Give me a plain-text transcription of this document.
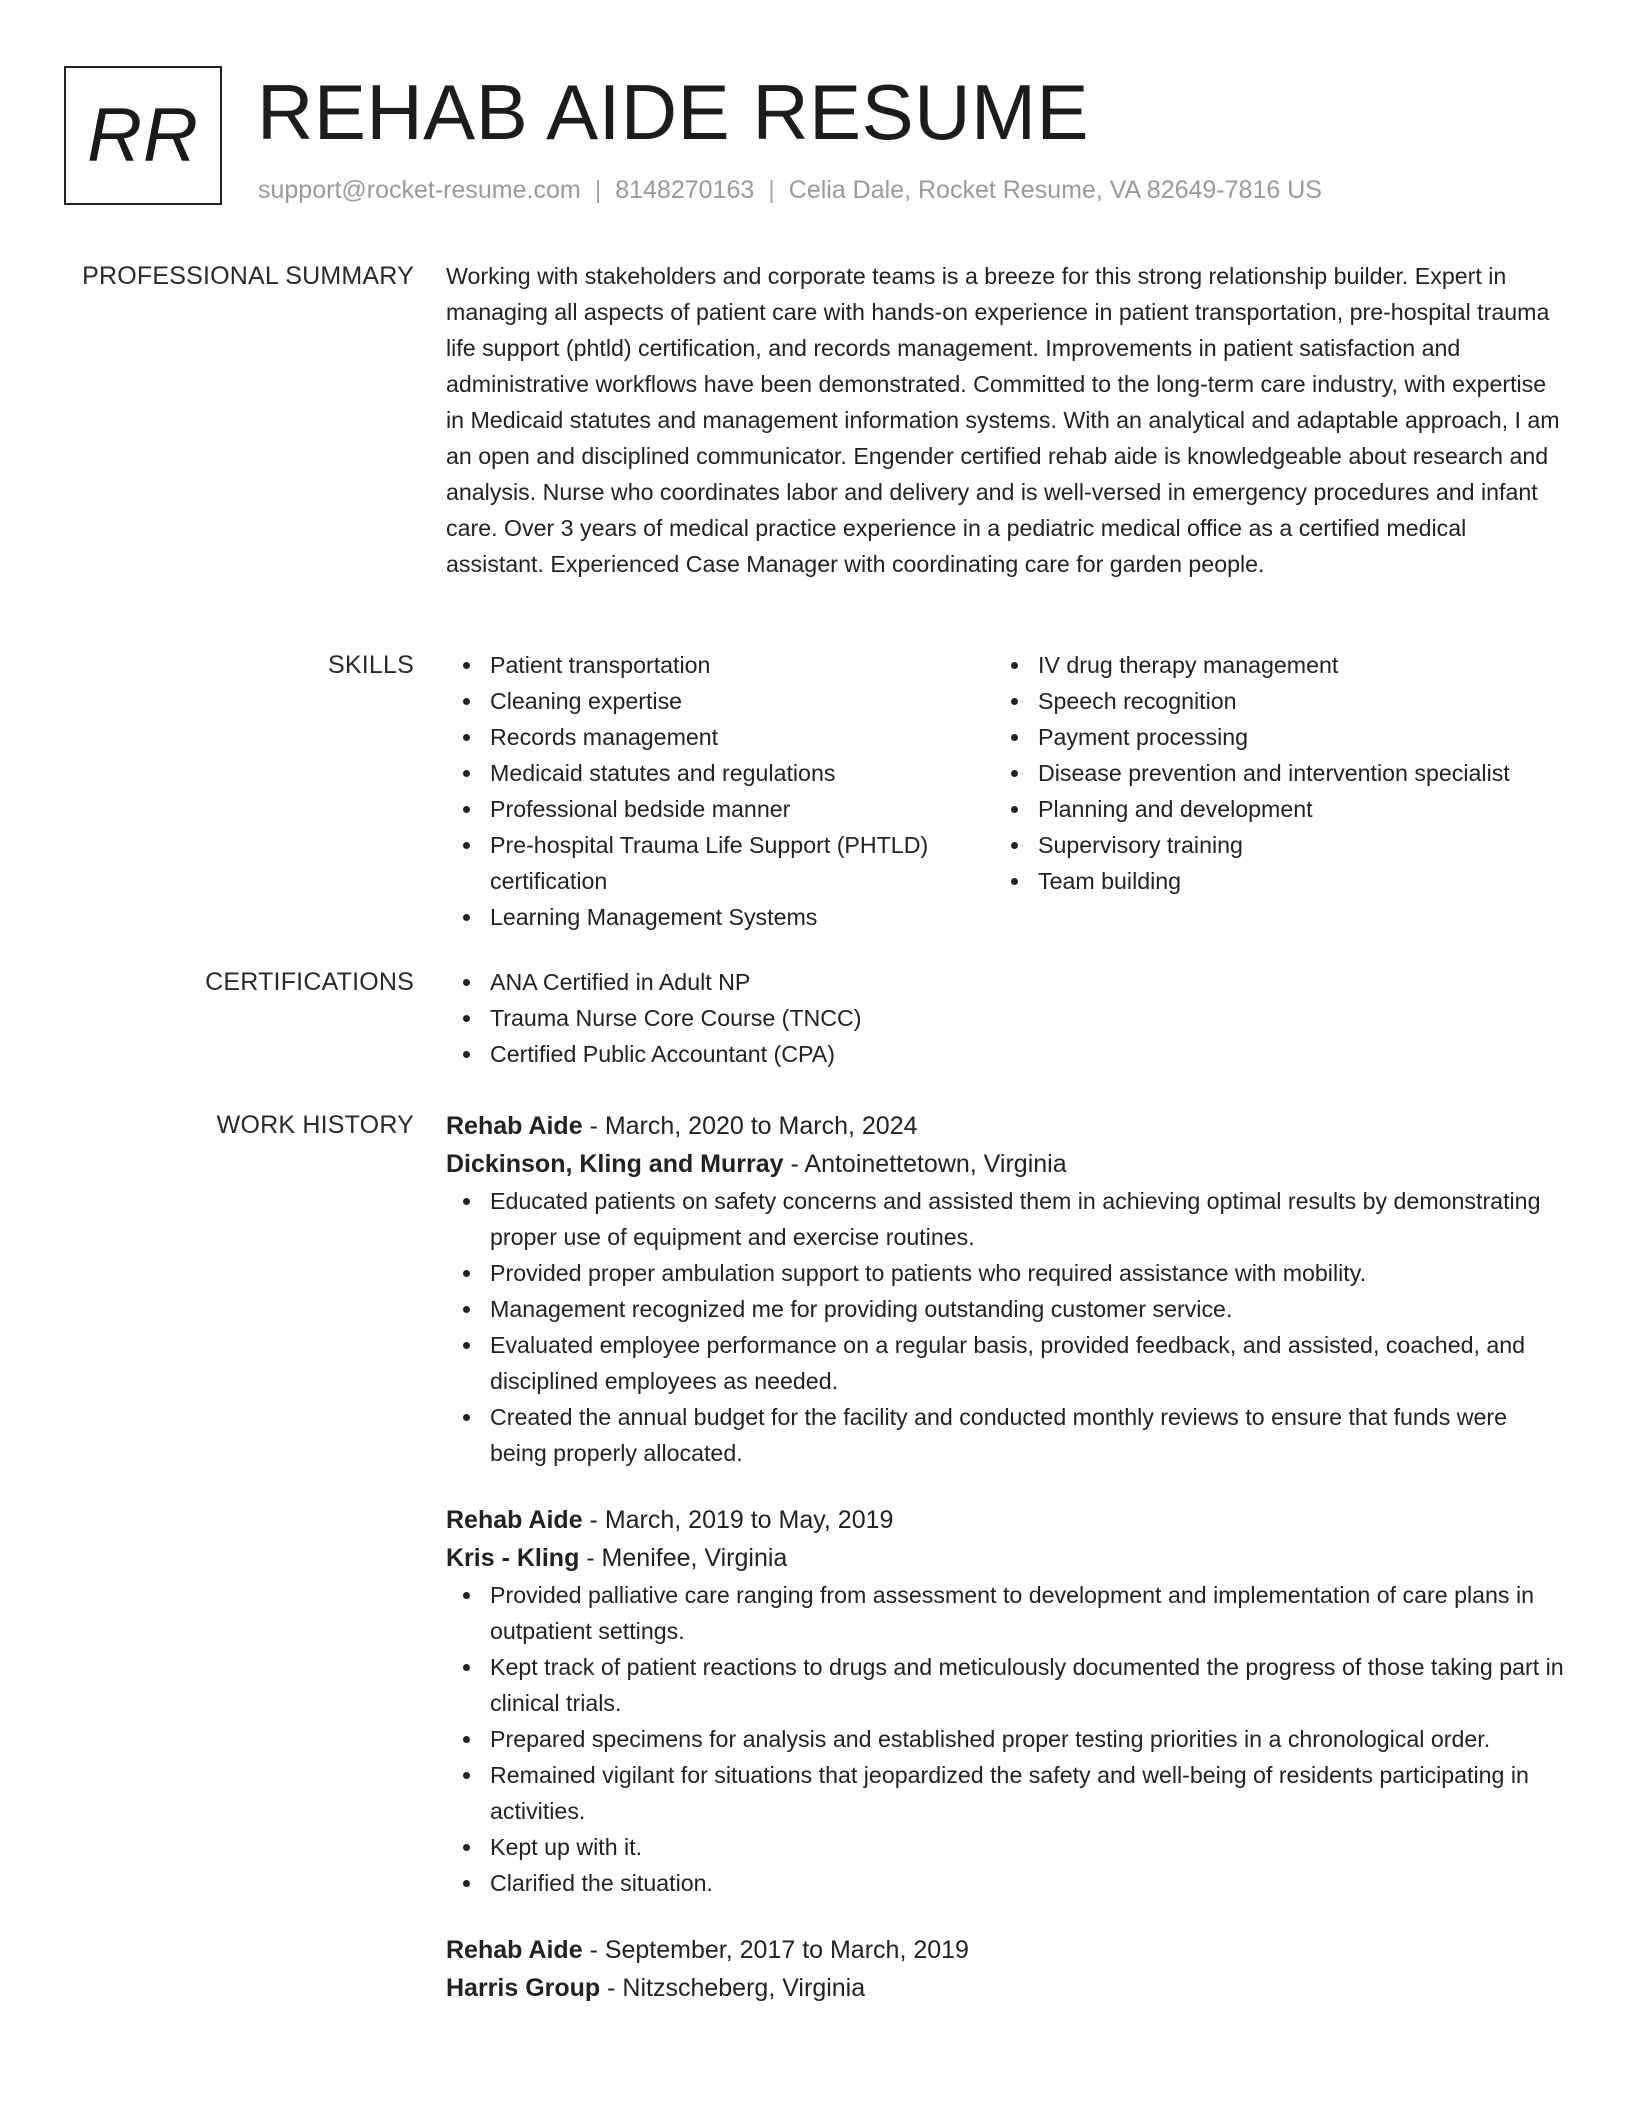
RR REHAB AIDE RESUME
support@rocket-resume.com | 8148270163 | Celia Dale, Rocket Resume, VA 82649-7816 US
PROFESSIONAL SUMMARY Working with stakeholders and corporate teams is a breeze for this strong relationship builder. Expert in managing all aspects of patient care with hands-on experience in patient transportation, pre-hospital trauma life support (phtld) certification, and records management. Improvements in patient satisfaction and administrative workflows have been demonstrated. Committed to the long-term care industry, with expertise in Medicaid statutes and management information systems. With an analytical and adaptable approach, I am an open and disciplined communicator. Engender certified rehab aide is knowledgeable about research and analysis. Nurse who coordinates labor and delivery and is well-versed in emergency procedures and infant care. Over 3 years of medical practice experience in a pediatric medical office as a certified medical assistant. Experienced Case Manager with coordinating care for garden people.

SKILLS	Patient transportation
Cleaning expertise
Records management
Medicaid statutes and regulations
Professional bedside manner
Pre-hospital Trauma Life Support (PHTLD) certification
Learning Management Systems
IV drug therapy management
Speech recognition
Payment processing
Disease prevention and intervention specialist
Planning and development
Supervisory training
Team building
CERTIFICATIONS	ANA Certified in Adult NP
Trauma Nurse Core Course (TNCC)
Certified Public Accountant (CPA)
WORK HISTORY Rehab Aide - March, 2020 to March, 2024
Dickinson, Kling and Murray - Antoinettetown, Virginia
Educated patients on safety concerns and assisted them in achieving optimal results by demonstrating proper use of equipment and exercise routines.
Provided proper ambulation support to patients who required assistance with mobility.
Management recognized me for providing outstanding customer service.
Evaluated employee performance on a regular basis, provided feedback, and assisted, coached, and disciplined employees as needed.
Created the annual budget for the facility and conducted monthly reviews to ensure that funds were being properly allocated.
Rehab Aide - March, 2019 to May, 2019
Kris - Kling - Menifee, Virginia
Provided palliative care ranging from assessment to development and implementation of care plans in outpatient settings.
Kept track of patient reactions to drugs and meticulously documented the progress of those taking part in clinical trials.
Prepared specimens for analysis and established proper testing priorities in a chronological order.
Remained vigilant for situations that jeopardized the safety and well-being of residents participating in activities.
Kept up with it.
Clarified the situation.
Rehab Aide - September, 2017 to March, 2019
Harris Group - Nitzscheberg, Virginia
